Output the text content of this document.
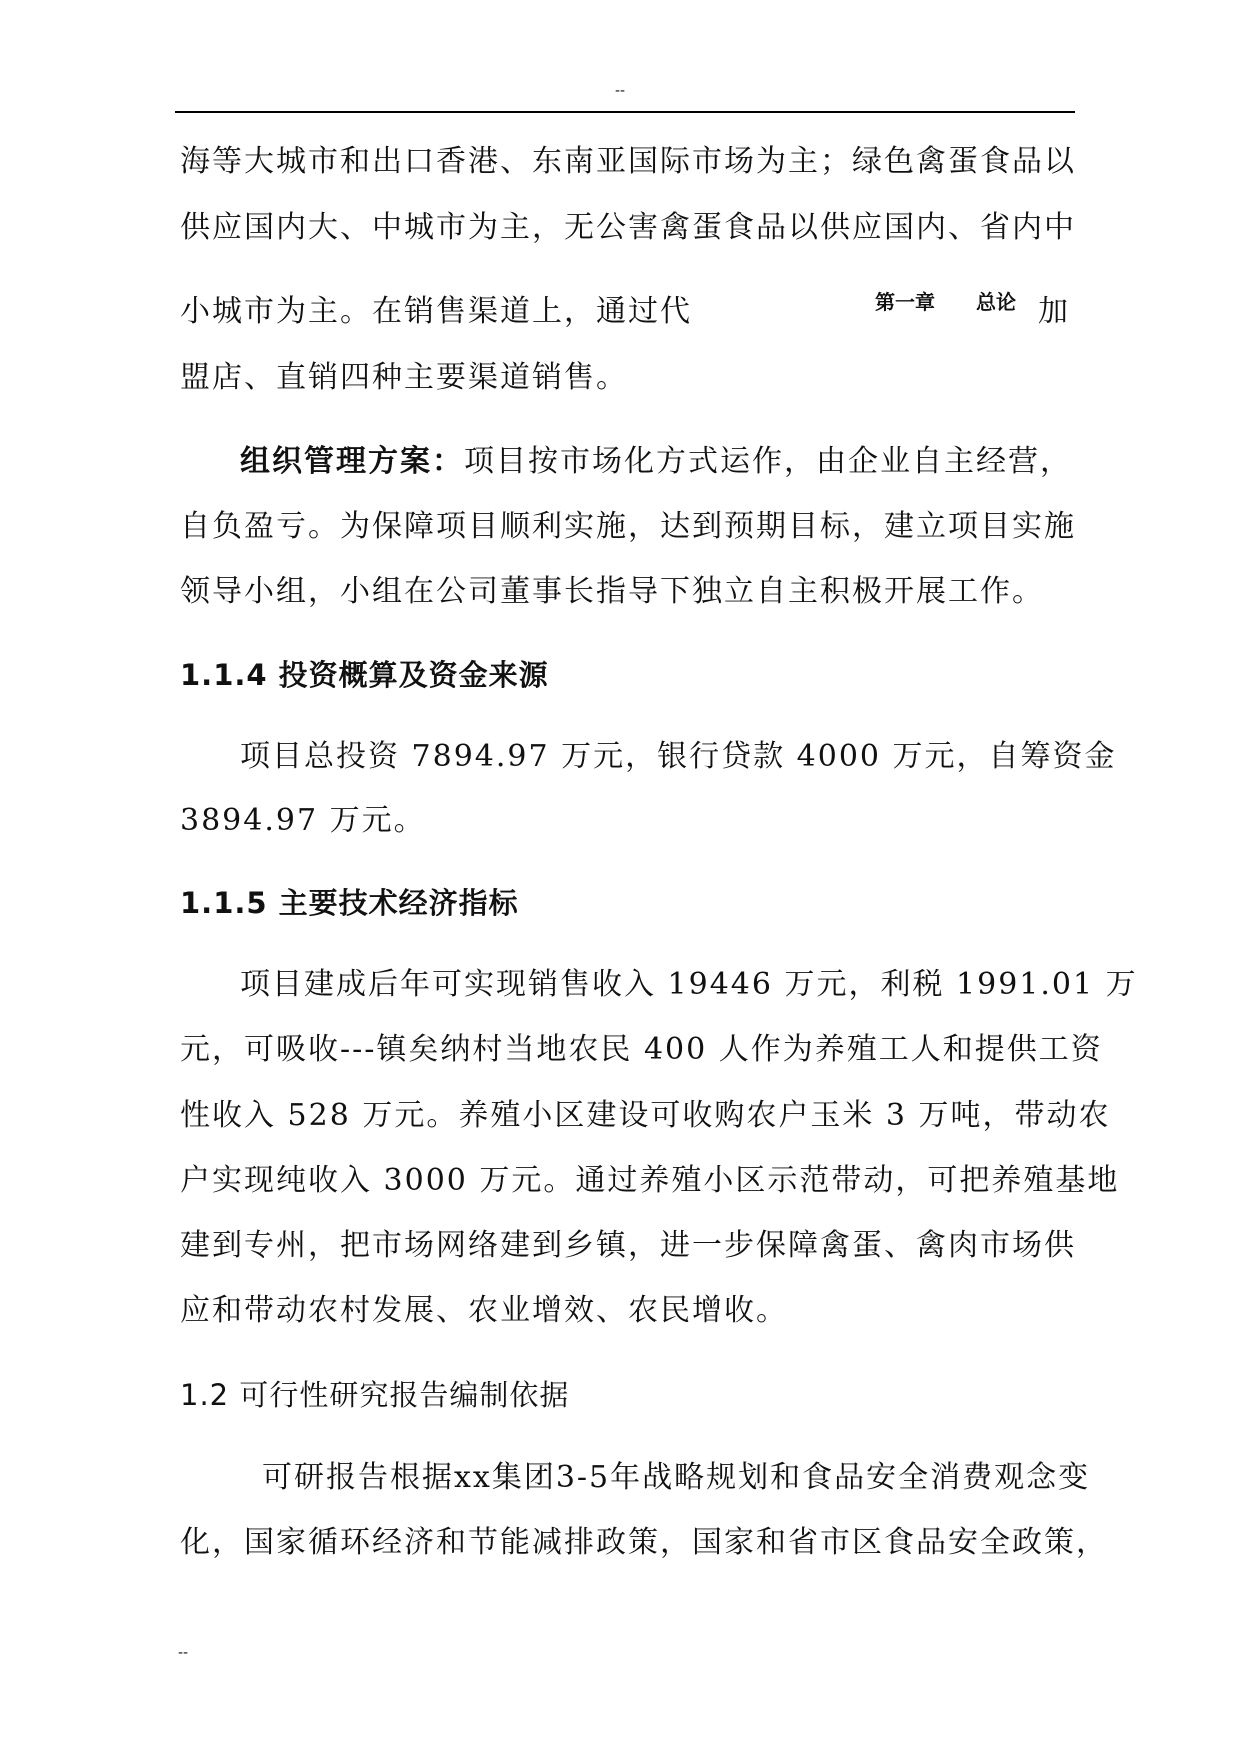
--
海等大城市和出口香港、东南亚国际市场为主；绿色禽蛋食品以
供应国内大、中城市为主，无公害禽蛋食品以供应国内、省内中
小城市为主。在销售渠道上，通过代	第一章 总论 加
盟店、直销四种主要渠道销售。
组织管理方案：项目按市场化方式运作，由企业自主经营，
自负盈亏。为保障项目顺利实施，达到预期目标，建立项目实施
领导小组，小组在公司董事长指导下独立自主积极开展工作。
1.1.4 投资概算及资金来源
项目总投资 7894.97 万元，银行贷款 4000 万元，自筹资金
3894.97 万元。
1.1.5 主要技术经济指标
项目建成后年可实现销售收入 19446 万元，利税 1991.01 万
元，可吸收---镇矣纳村当地农民 400 人作为养殖工人和提供工资
性收入 528 万元。养殖小区建设可收购农户玉米 3 万吨，带动农
户实现纯收入 3000 万元。通过养殖小区示范带动，可把养殖基地
建到专州，把市场网络建到乡镇，进一步保障禽蛋、禽肉市场供
应和带动农村发展、农业增效、农民增收。
1.2 可行性研究报告编制依据
可研报告根据xx集团3-5年战略规划和食品安全消费观念变
化，国家循环经济和节能减排政策，国家和省市区食品安全政策，
--
